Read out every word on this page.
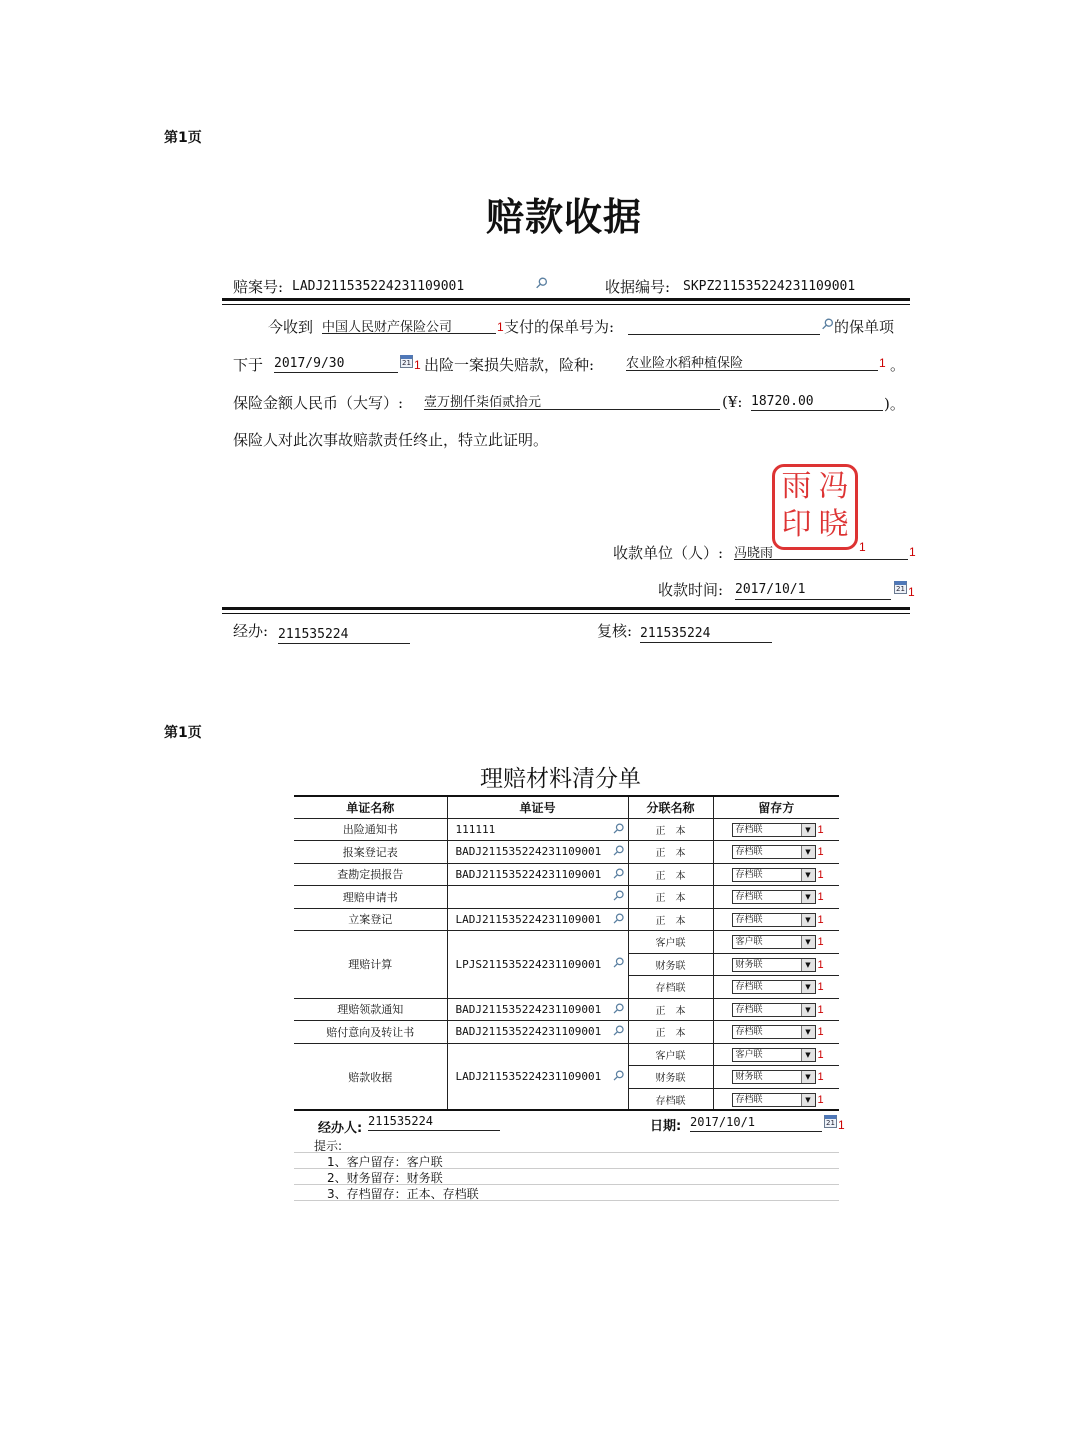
第1页
赔款收据
赔案号: LADJ211535224231109001	⚲	收据编号: SKPZ211535224231109001
今收到 中国人民财产保险公司	1 支付的保单号为:	⚲
的保单项
下于 2017/9/30	21 1 出险一案损失赔款，险种: 农业险水稻种植保险	1 。
保险金额人民币（大写）: 壹万捌仟柒佰贰拾元	(¥: 18720.00	)。
保险人对此次事故赔款责任终止，特立此证明。
雨 冯
印 晓
收款单位（人）: 冯晓雨	1	1
收款时间: 2017/10/1	21 1
经办: 211535224	复核: 211535224
第1页
理赔材料清分单
单证名称	单证号	分联名称	留存方
出险通知书	111111 ⚲	正　本	存档联 ▼ 1

报案登记表	BADJ211535224231109001 ⚲	正　本	存档联 ▼ 1

查勘定损报告	BADJ211535224231109001 ⚲	正　本	存档联 ▼ 1

理赔申请书	⚲	正　本	存档联 ▼ 1

立案登记	LADJ211535224231109001 ⚲	正　本	存档联 ▼ 1

理赔计算	LPJS211535224231109001 ⚲	客户联	客户联 ▼ 1

		财务联	财务联 ▼ 1

		存档联	存档联 ▼ 1

理赔领款通知	BADJ211535224231109001 ⚲	正　本	存档联 ▼ 1

赔付意向及转让书	BADJ211535224231109001 ⚲	正　本	存档联 ▼ 1

赔款收据	LADJ211535224231109001 ⚲	客户联	客户联 ▼ 1

		财务联	财务联 ▼ 1

		存档联	存档联 ▼ 1
经办人: 211535224	日期: 2017/10/1	21 1
提示:
1、客户留存：客户联
2、财务留存：财务联
3、存档留存：正本、存档联
